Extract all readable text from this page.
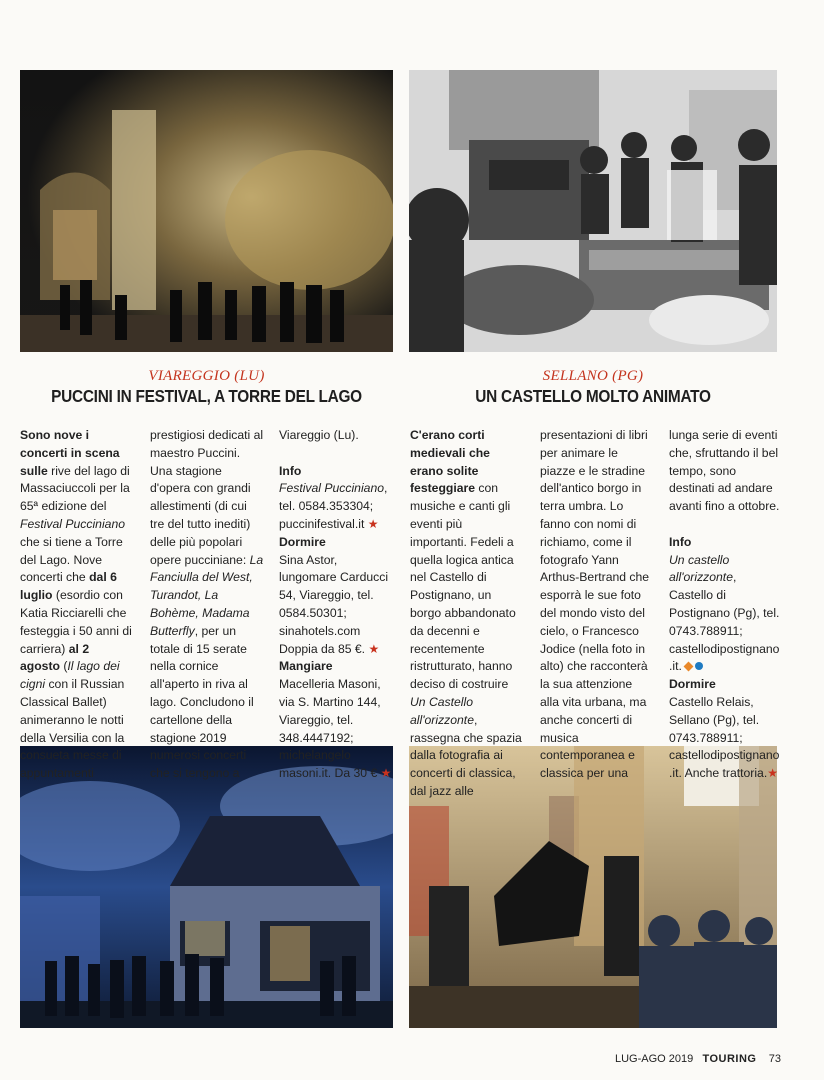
VIAREGGIO (LU)
PUCCINI IN FESTIVAL, A TORRE DEL LAGO
Sono nove i concerti in scena sulle rive del lago di Massaciuccoli per la 65ª edizione del Festival Pucciniano che si tiene a Torre del Lago. Nove concerti che dal 6 luglio (esordio con Katia Ricciarelli che festeggia i 50 anni di carriera) al 2 agosto (Il lago dei cigni con il Russian Classical Ballet) animeranno le notti della Versilia con la consueta messe di appuntamenti
prestigiosi dedicati al maestro Puccini. Una stagione d'opera con grandi allestimenti (di cui tre del tutto inediti) delle più popolari opere pucciniane: La Fanciulla del West, Turandot, La Bohème, Madama Butterfly, per un totale di 15 serate nella cornice all'aperto in riva al lago. Concludono il cartellone della stagione 2019 numerosi concerti che si tengono a

Viareggio (Lu).

Info

Festival Pucciniano, tel. 0584.353304; puccinifestival.it ★

Dormire

Sina Astor, lungomare Carducci 54, Viareggio, tel. 0584.50301; sinahotels.com Doppia da 85 €. ★

Mangiare

Macelleria Masoni, via S. Martino 144, Viareggio, tel. 348.4447192; michelangelo masoni.it. Da 30 € ★

SELLANO (PG)
UN CASTELLO MOLTO ANIMATO
C'erano corti medievali che erano solite festeggiare con musiche e canti gli eventi più importanti. Fedeli a quella logica antica nel Castello di Postignano, un borgo abbandonato da decenni e recentemente ristrutturato, hanno deciso di costruire Un Castello all'orizzonte, rassegna che spazia dalla fotografia ai concerti di classica, dal jazz alle
presentazioni di libri per animare le piazze e le stradine dell'antico borgo in terra umbra. Lo fanno con nomi di richiamo, come il fotografo Yann Arthus-Bertrand che esporrà le sue foto del mondo visto del cielo, o Francesco Jodice (nella foto in alto) che racconterà la sua attenzione alla vita urbana, ma anche concerti di musica contemporanea e classica per una

lunga serie di eventi che, sfruttando il bel tempo, sono destinati ad andare avanti fino a ottobre.

Info

Un castello all'orizzonte, Castello di Postignano (Pg), tel. 0743.788911; castellodipostignano .it.

Dormire

Castello Relais, Sellano (Pg), tel. 0743.788911; castellodipostignano .it. Anche trattoria.★

LUG-AGO 2019 TOURING 73
